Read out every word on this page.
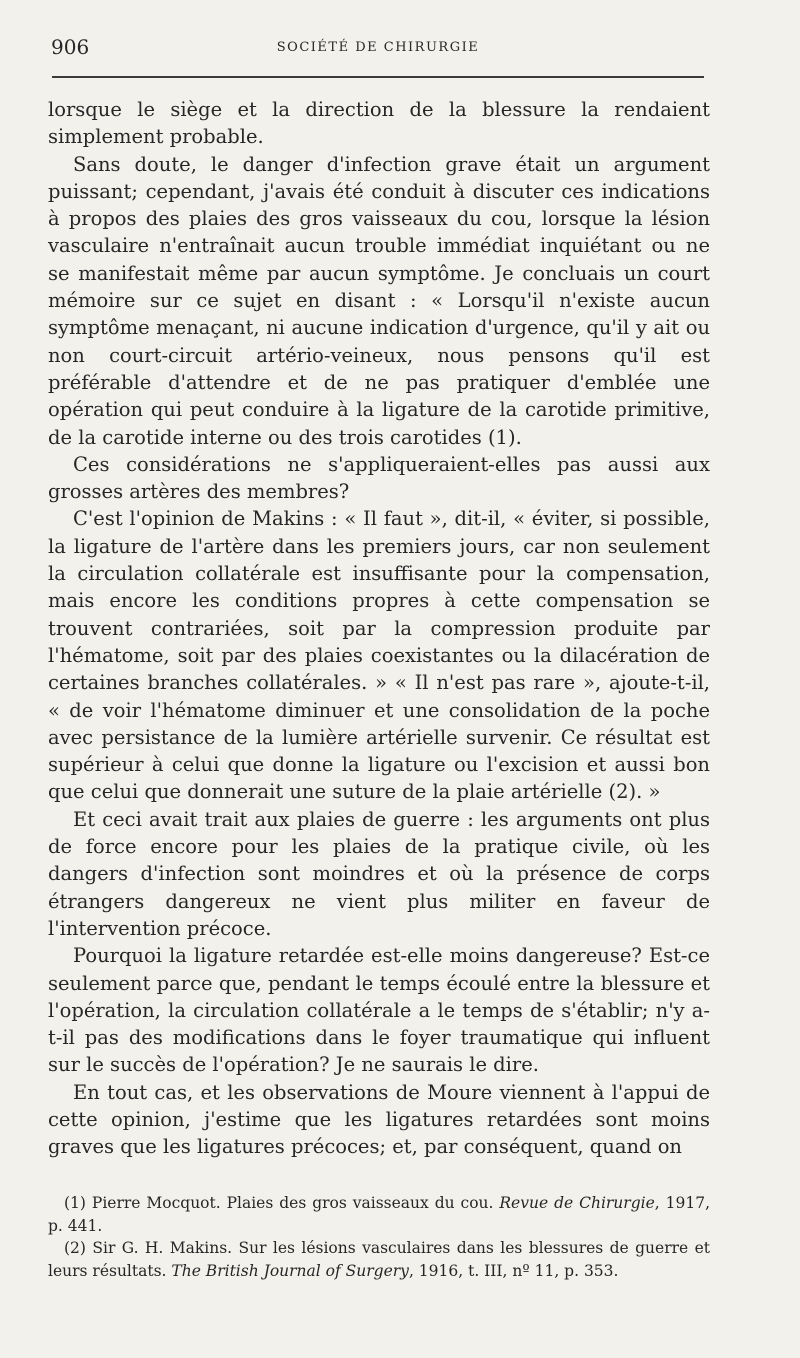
906	SOCIÉTÉ DE CHIRURGIE

lorsque le siège et la direction de la blessure la rendaient simplement probable.

Sans doute, le danger d'infection grave était un argument puissant; cependant, j'avais été conduit à discuter ces indications à propos des plaies des gros vaisseaux du cou, lorsque la lésion vasculaire n'entraînait aucun trouble immédiat inquiétant ou ne se manifestait même par aucun symptôme. Je concluais un court mémoire sur ce sujet en disant : « Lorsqu'il n'existe aucun symptôme menaçant, ni aucune indication d'urgence, qu'il y ait ou non court-circuit artério-veineux, nous pensons qu'il est préférable d'attendre et de ne pas pratiquer d'emblée une opération qui peut conduire à la ligature de la carotide primitive, de la carotide interne ou des trois carotides (1).

Ces considérations ne s'appliqueraient-elles pas aussi aux grosses artères des membres?

C'est l'opinion de Makins : « Il faut », dit-il, « éviter, si possible, la ligature de l'artère dans les premiers jours, car non seulement la circulation collatérale est insuffisante pour la compensation, mais encore les conditions propres à cette compensation se trouvent contrariées, soit par la compression produite par l'hématome, soit par des plaies coexistantes ou la dilacération de certaines branches collatérales. » « Il n'est pas rare », ajoute-t-il, « de voir l'hématome diminuer et une consolidation de la poche avec persistance de la lumière artérielle survenir. Ce résultat est supérieur à celui que donne la ligature ou l'excision et aussi bon que celui que donnerait une suture de la plaie artérielle (2). »

Et ceci avait trait aux plaies de guerre : les arguments ont plus de force encore pour les plaies de la pratique civile, où les dangers d'infection sont moindres et où la présence de corps étrangers dangereux ne vient plus militer en faveur de l'intervention précoce.

Pourquoi la ligature retardée est-elle moins dangereuse? Est-ce seulement parce que, pendant le temps écoulé entre la blessure et l'opération, la circulation collatérale a le temps de s'établir; n'y a-t-il pas des modifications dans le foyer traumatique qui influent sur le succès de l'opération? Je ne saurais le dire.

En tout cas, et les observations de Moure viennent à l'appui de cette opinion, j'estime que les ligatures retardées sont moins graves que les ligatures précoces; et, par conséquent, quand on

(1) Pierre Mocquot. Plaies des gros vaisseaux du cou. Revue de Chirurgie, 1917, p. 441.

(2) Sir G. H. Makins. Sur les lésions vasculaires dans les blessures de guerre et leurs résultats. The British Journal of Surgery, 1916, t. III, nº 11, p. 353.
